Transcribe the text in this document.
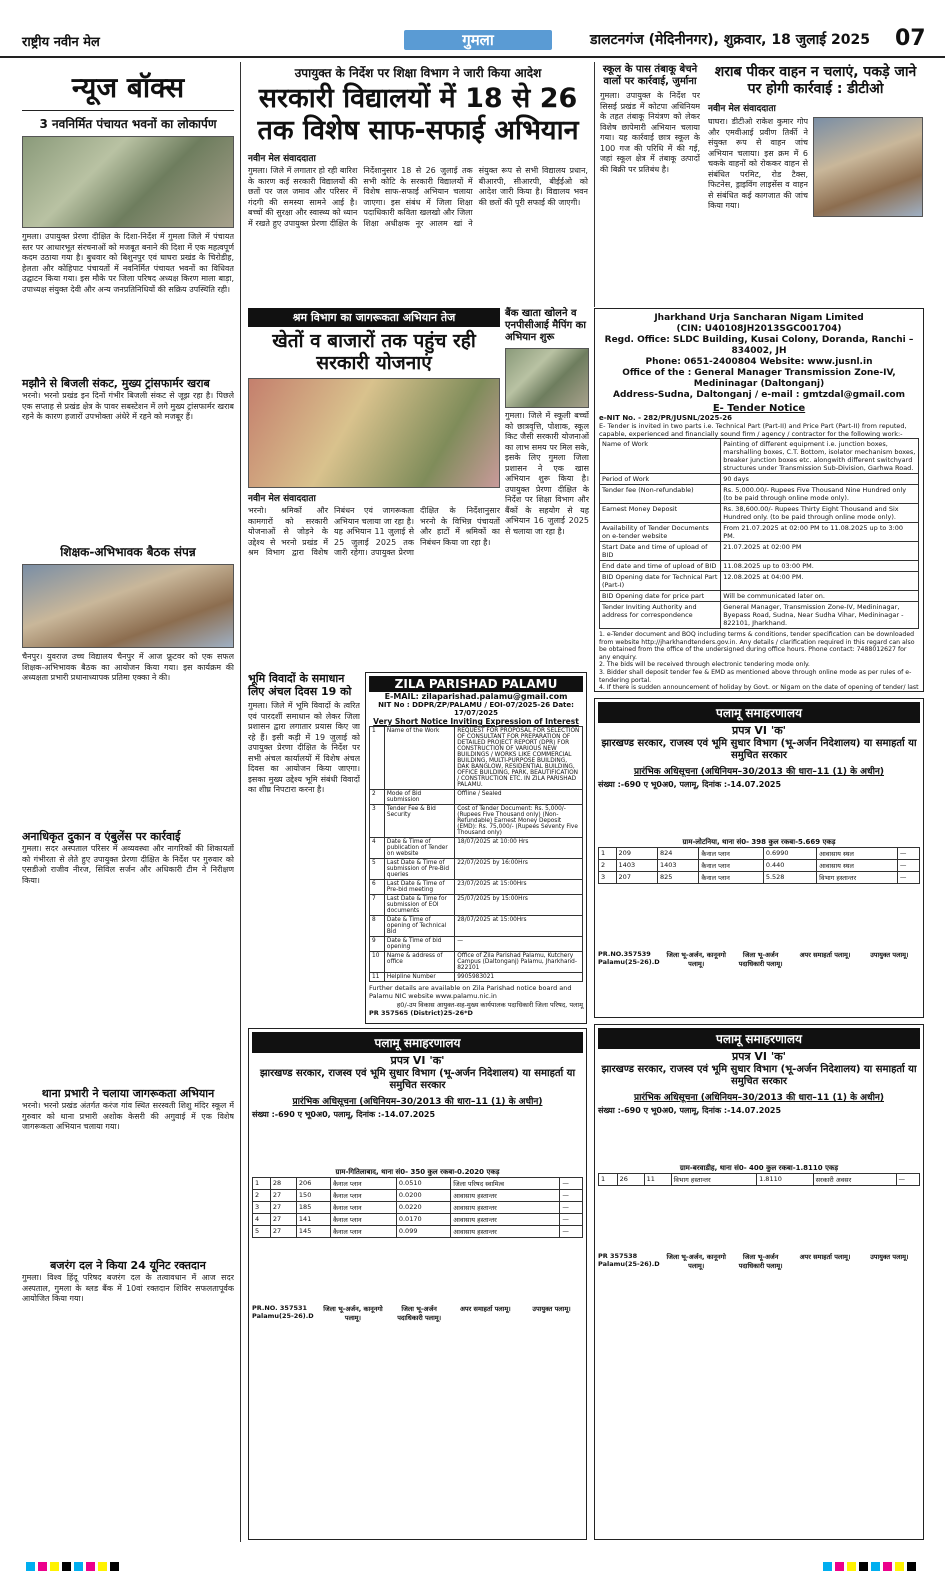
राष्ट्रीय नवीन मेल	गुमला	डालटनगंज (मेदिनीनगर), शुक्रवार, 18 जुलाई 2025 07
न्यूज बॉक्स
3 नवनिर्मित पंचायत भवनों का लोकार्पण
गुमला। उपायुक्त प्रेरणा दीक्षित के दिशा-निर्देश में गुमला जिले में पंचायत स्तर पर आधारभूत संरचनाओं को मजबूत बनाने की दिशा में एक महत्वपूर्ण कदम उठाया गया है। बुधवार को बिशुनपुर एवं घाघरा प्रखंड के चिरोडीह, हेलता और कोहिपाट पंचायतों में नवनिर्मित पंचायत भवनों का विधिवत उद्घाटन किया गया। इस मौके पर जिला परिषद अध्यक्ष किरण माला बाड़ा, उपाध्यक्ष संयुक्त देवी और अन्य जनप्रतिनिधियों की सक्रिय उपस्थिति रही।
मझौने से बिजली संकट, मुख्य ट्रांसफार्मर खराब
भरनो। भरनो प्रखंड इन दिनों गंभीर बिजली संकट से जूझ रहा है। पिछले एक सप्ताह से प्रखंड क्षेत्र के पावर सबस्टेशन में लगे मुख्य ट्रांसफार्मर खराब रहने के कारण हजारों उपभोक्ता अंधेरे में रहने को मजबूर हैं।
शिक्षक-अभिभावक बैठक संपन्न
चैनपुर। युवराज उच्च विद्यालय चैनपुर में आज फ्रूटवर को एक सफल शिक्षक-अभिभावक बैठक का आयोजन किया गया। इस कार्यक्रम की अध्यक्षता प्रभारी प्रधानाध्यापक प्रतिमा एक्का ने की।
अनाधिकृत दुकान व एंबुलेंस पर कार्रवाई
गुमला। सदर अस्पताल परिसर में अव्यवस्था और नागरिकों की शिकायतों को गंभीरता से लेते हुए उपायुक्त प्रेरणा दीक्षित के निर्देश पर गुरुवार को एसडीओ राजीव नीरज, सिविल सर्जन और अधिकारी टीम ने निरीक्षण किया।
थाना प्रभारी ने चलाया जागरूकता अभियान
भरनो। भरनो प्रखंड अंतर्गत करंज गांव स्थित सरस्वती शिशु मंदिर स्कूल में गुरुवार को थाना प्रभारी अशोक केसरी की अगुवाई में एक विशेष जागरूकता अभियान चलाया गया।
बजरंग दल ने किया 24 यूनिट रक्तदान
गुमला। विश्व हिंदू परिषद बजरंग दल के तत्वावधान में आज सदर अस्पताल, गुमला के ब्लड बैंक में 10वां रक्तदान शिविर सफलतापूर्वक आयोजित किया गया।
उपायुक्त के निर्देश पर शिक्षा विभाग ने जारी किया आदेश
सरकारी विद्यालयों में 18 से 26 तक विशेष साफ-सफाई अभियान
नवीन मेल संवाददाता
गुमला। जिले में लगातार हो रही बारिश के कारण कई सरकारी विद्यालयों की छतों पर जल जमाव और परिसर में गंदगी की समस्या सामने आई है। बच्चों की सुरक्षा और स्वास्थ्य को ध्यान में रखते हुए उपायुक्त प्रेरणा दीक्षित के निर्देशानुसार 18 से 26 जुलाई तक सभी कोटि के सरकारी विद्यालयों में विशेष साफ-सफाई अभियान चलाया जाएगा। इस संबंध में जिला शिक्षा पदाधिकारी कविता खलखो और जिला शिक्षा अधीक्षक नूर आलम खां ने संयुक्त रूप से सभी विद्यालय प्रधान, बीआरपी, सीआरपी, बीईईओ को आदेश जारी किया है। विद्यालय भवन की छतों की पूरी सफाई की जाएगी।
श्रम विभाग का जागरूकता अभियान तेज
खेतों व बाजारों तक पहुंच रही सरकारी योजनाएं
नवीन मेल संवाददाता
भरनो। श्रमिकों और कामगारों को सरकारी योजनाओं से जोड़ने के उद्देश्य से भरनो प्रखंड में श्रम विभाग द्वारा विशेष निबंधन एवं जागरूकता अभियान चलाया जा रहा है। यह अभियान 11 जुलाई से 25 जुलाई 2025 तक जारी रहेगा। उपायुक्त प्रेरणा दीक्षित के निर्देशानुसार भरनो के विभिन्न पंचायतों और हाटों में श्रमिकों का निबंधन किया जा रहा है।
बैंक खाता खोलने व एनपीसीआई मैपिंग का अभियान शुरू
गुमला। जिले में स्कूली बच्चों को छात्रवृत्ति, पोशाक, स्कूल किट जैसी सरकारी योजनाओं का लाभ समय पर मिल सके, इसके लिए गुमला जिला प्रशासन ने एक खास अभियान शुरू किया है। उपायुक्त प्रेरणा दीक्षित के निर्देश पर शिक्षा विभाग और बैंकों के सहयोग से यह अभियान 16 जुलाई 2025 से चलाया जा रहा है।
स्कूल के पास तंबाकू बेचने वालों पर कार्रवाई, जुर्माना
गुमला। उपायुक्त के निर्देश पर सिसई प्रखंड में कोटपा अधिनियम के तहत तंबाकू नियंत्रण को लेकर विशेष छापेमारी अभियान चलाया गया। यह कार्रवाई छात्र स्कूल के 100 गज की परिधि में की गई, जहां स्कूल क्षेत्र में तंबाकू उत्पादों की बिक्री पर प्रतिबंध है।
शराब पीकर वाहन न चलाएं, पकड़े जाने पर होगी कार्रवाई : डीटीओ
नवीन मेल संवाददाता
घाघरा। डीटीओ राकेश कुमार गोप और एमवीआई प्रवीण तिर्की ने संयुक्त रूप से वाहन जांच अभियान चलाया। इस क्रम में 6 चकके वाहनों को रोककर वाहन से संबंधित परमिट, रोड टैक्स, फिटनेस, ड्राइविंग लाइसेंस व वाहन से संबंधित कई कागजात की जांच किया गया।
Jharkhand Urja Sancharan Nigam Limited
(CIN: U40108JH2013SGC001704)
Regd. Office: SLDC Building, Kusai Colony, Doranda, Ranchi – 834002, JH
Phone: 0651-2400804 Website: www.jusnl.in
Office of the : General Manager Transmission Zone-IV, Medininagar (Daltonganj)
Address-Sudna, Daltonganj / e-mail : gmtzdal@gmail.com
E- Tender Notice
e-NIT No. - 282/PR/JUSNL/2025-26
E- Tender is invited in two parts i.e. Technical Part (Part-II) and Price Part (Part-II) from reputed, capable, experienced and financially sound firm / agency / contractor for the following work:-
Name of Work	Painting of different equipment i.e. junction boxes, marshalling boxes, C.T. Bottom, isolator mechanism boxes, breaker junction boxes etc. alongwith different switchyard structures under Transmission Sub-Division, Garhwa Road.
Period of Work	90 days
Tender fee (Non-refundable)	Rs. 5,000.00/- Rupees Five Thousand Nine Hundred only (to be paid through online mode only).
Earnest Money Deposit	Rs. 38,600.00/- Rupees Thirty Eight Thousand and Six Hundred only. (to be paid through online mode only).
Availability of Tender Documents on e-tender website	From 21.07.2025 at 02:00 PM to 11.08.2025 up to 3:00 PM.
Start Date and time of upload of BID	21.07.2025 at 02:00 PM
End date and time of upload of BID	11.08.2025 up to 03:00 PM.
BID Opening date for Technical Part (Part-I)	12.08.2025 at 04:00 PM.
BID Opening date for price part	Will be communicated later on.
Tender Inviting Authority and address for correspondence	General Manager, Transmission Zone-IV, Medininagar, Byepass Road, Sudna, Near Sudha Vihar, Medininagar - 822101, Jharkhand.
1. e-Tender document and BOQ including terms & conditions, tender specification can be downloaded from website http://jharkhandtenders.gov.in. Any details / clarification required in this regard can also be obtained from the office of the undersigned during office hours. Phone contact: 7488012627 for any enquiry.
2. The bids will be received through electronic tendering mode only.
3. Bidder shall deposit tender fee & EMD as mentioned above through online mode as per rules of e-tendering portal.
4. If there is sudden announcement of holiday by Govt. or Nigam on the date of opening of tender/ last
भूमि विवादों के समाधान लिए अंचल दिवस 19 को
गुमला। जिले में भूमि विवादों के त्वरित एवं पारदर्शी समाधान को लेकर जिला प्रशासन द्वारा लगातार प्रयास किए जा रहे हैं। इसी कड़ी में 19 जुलाई को उपायुक्त प्रेरणा दीक्षित के निर्देश पर सभी अंचल कार्यालयों में विशेष अंचल दिवस का आयोजन किया जाएगा। इसका मुख्य उद्देश्य भूमि संबंधी विवादों का शीघ्र निपटारा करना है।
ZILA PARISHAD PALAMU
E-MAIL: zilaparishad.palamu@gmail.com
NIT No : DDPR/ZP/PALAMU / EOI-07/2025-26 Date: 17/07/2025
Very Short Notice Inviting Expression of Interest
1	Name of the Work	REQUEST FOR PROPOSAL FOR SELECTION OF CONSULTANT FOR PREPARATION OF DETAILED PROJECT REPORT (DPR) FOR CONSTRUCTION OF VARIOUS NEW BUILDINGS / WORKS LIKE COMMERCIAL BUILDING, MULTI-PURPOSE BUILDING, DAK BANGLOW, RESIDENTIAL BUILDING, OFFICE BUILDING, PARK, BEAUTIFICATION / CONSTRUCTION ETC. IN ZILA PARISHAD PALAMU.
2	Mode of Bid submission	Offline / Sealed
3	Tender Fee & Bid Security	Cost of Tender Document: Rs. 5,000/- (Rupees Five Thousand only) (Non-Refundable) Earnest Money Deposit (EMD): Rs. 75,000/- (Rupees Seventy Five Thousand only)
4	Date & Time of publication of Tender on website	18/07/2025 at 10:00 Hrs
5	Last Date & Time of submission of Pre-Bid queries	22/07/2025 by 16:00Hrs
6	Last Date & Time of Pre-bid meeting	23/07/2025 at 15:00Hrs
7	Last Date & Time for submission of EOI documents	25/07/2025 by 15:00Hrs
8	Date & Time of opening of Technical Bid	28/07/2025 at 15:00Hrs
9	Date & Time of bid opening	—
10	Name & address of office	Office of Zila Parishad Palamu, Kutchery Campus (Daltonganj) Palamu, Jharkhand-822101
11	Helpline Number	9905983021
Further details are available on Zila Parishad notice board and Palamu NIC website www.palamu.nic.in
ह0/-उप विकास आयुक्त-सह-मुख्य कार्यपालक पदाधिकारी जिला परिषद, पलामू
PR 357565 (District)25-26*D
पलामू समाहरणालय
प्रपत्र VI 'क'
झारखण्ड सरकार, राजस्व एवं भूमि सुधार विभाग (भू-अर्जन निदेशालय) या समाहर्ता या समुचित सरकार
प्रारंभिक अधिसूचना (अधिनियम–30/2013 की धारा–11 (1) के अधीन)
संख्या :-690 ए भू0अ0, पलामू, दिनांक :-14.07.2025
ग्राम-लोटनिया, थाना सं0- 398 कुल रकबा-5.669 एकड़
1	209	824	कैनाल प्लान	0.6990	आवासाय स्थल	—
2	1403	1403	कैनाल प्लान	0.440	आवासाय स्थल	—
3	207	825	कैनाल प्लान	5.528	विभाग हस्तान्तर	—
PR.NO.357539 Palamu(25-26).D
जिला भू-अर्जन, कानूनगो पलामू।
जिला भू-अर्जन पदाधिकारी पलामू।
अपर समाहर्ता पलामू।	उपायुक्त पलामू।
पलामू समाहरणालय
प्रपत्र VI 'क'
झारखण्ड सरकार, राजस्व एवं भूमि सुधार विभाग (भू-अर्जन निदेशालय) या समाहर्ता या समुचित सरकार
प्रारंभिक अधिसूचना (अधिनियम–30/2013 की धारा–11 (1) के अधीन)
संख्या :-690 ए भू0अ0, पलामू, दिनांक :-14.07.2025
ग्राम-गितिलाबाद, थाना सं0- 350 कुल रकबा-0.2020 एकड़
1	28	206	कैनाल प्लान	0.0510	जिला परिषद स्वामित्व	—
2	27	150	कैनाल प्लान	0.0200	आवासाय हस्तान्तर	—
3	27	185	कैनाल प्लान	0.0220	आवासाय हस्तान्तर	—
4	27	141	कैनाल प्लान	0.0170	आवासाय हस्तान्तर	—
5	27	145	कैनाल प्लान	0.099	आवासाय हस्तान्तर	—
PR.NO. 357531 Palamu(25-26).D
जिला भू-अर्जन, कानूनगो पलामू।
जिला भू-अर्जन पदाधिकारी पलामू।
अपर समाहर्ता पलामू।	उपायुक्त पलामू।
पलामू समाहरणालय
प्रपत्र VI 'क'
झारखण्ड सरकार, राजस्व एवं भूमि सुधार विभाग (भू-अर्जन निदेशालय) या समाहर्ता या समुचित सरकार
प्रारंभिक अधिसूचना (अधिनियम–30/2013 की धारा–11 (1) के अधीन)
संख्या :-690 ए भू0अ0, पलामू, दिनांक :-14.07.2025
ग्राम-बरवाडीह, थाना सं0- 400 कुल रकबा-1.8110 एकड़
1	26	11	विभाग हस्तान्तर	1.8110	सरकारी अवसर	—
PR 357538 Palamu(25-26).D
जिला भू-अर्जन, कानूनगो पलामू।
जिला भू-अर्जन पदाधिकारी पलामू।
अपर समाहर्ता पलामू।	उपायुक्त पलामू।
